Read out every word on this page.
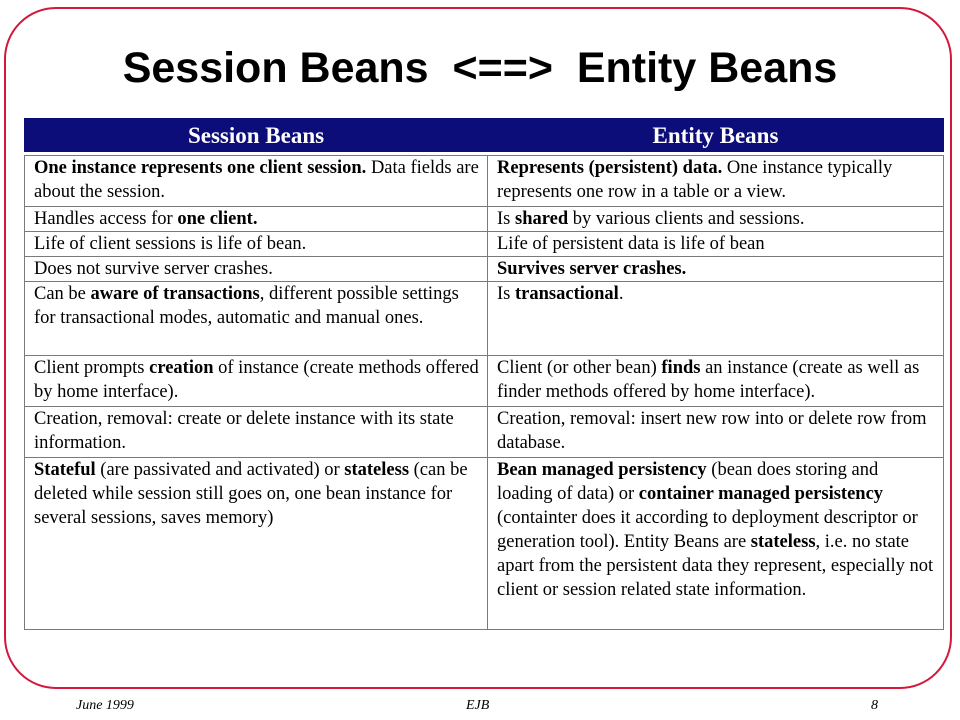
Session Beans  <==>  Entity Beans
Session Beans	Entity Beans

One instance represents one client session. Data fields are about the session.	Represents (persistent) data. One instance typically represents one row in a table or a view.
Handles access for one client.	Is shared by various clients and sessions.
Life of client sessions is life of bean.	Life of persistent data is life of bean
Does not survive server crashes.	Survives server crashes.
Can be aware of transactions, different possible settings for transactional modes, automatic and manual ones.	Is transactional.
Client prompts creation of instance (create methods offered by home interface).	Client (or other bean) finds an instance (create as well as finder methods offered by home interface).
Creation, removal: create or delete instance with its state information.	Creation, removal: insert new row into or delete row from database.
Stateful (are passivated and activated) or stateless (can be deleted while session still goes on, one bean instance for several sessions, saves memory)	Bean managed persistency (bean does storing and loading of data) or container managed persistency (containter does it according to deployment descriptor or generation tool). Entity Beans are stateless, i.e. no state apart from the persistent data they represent, especially not client or session related state information.
June 1999	EJB	8
